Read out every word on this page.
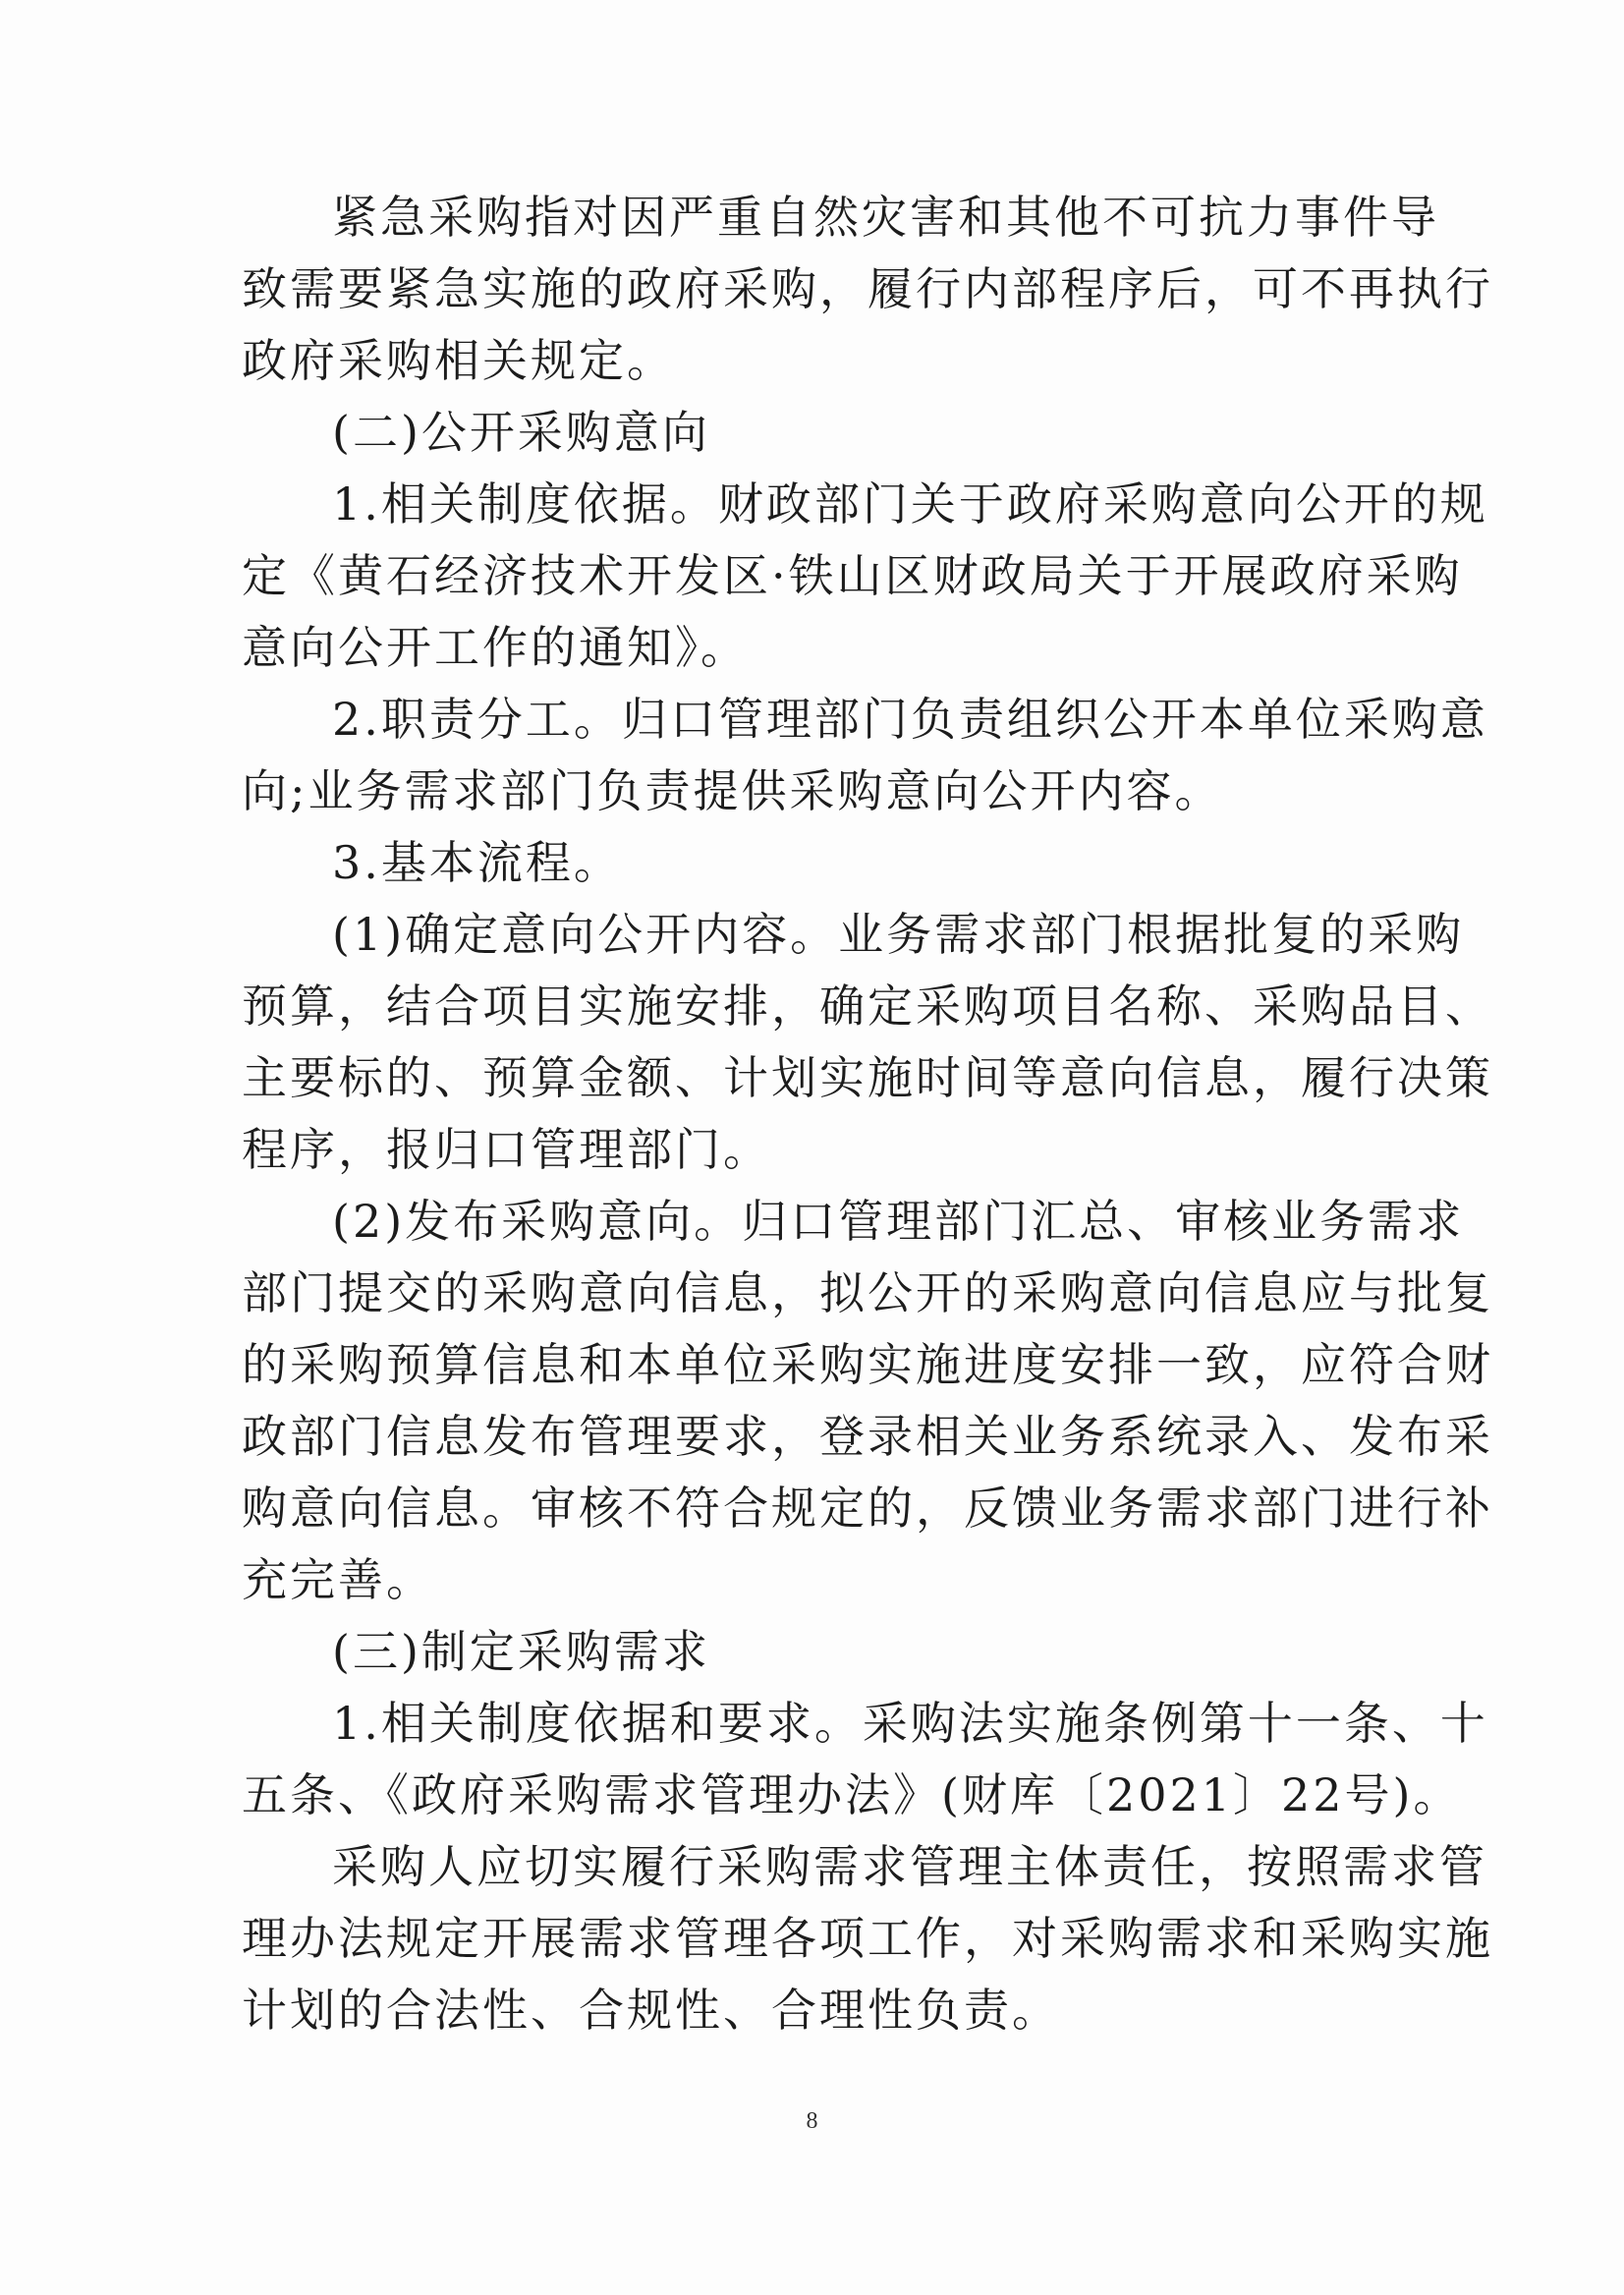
紧急采购指对因严重自然灾害和其他不可抗力事件导
致需要紧急实施的政府采购，履行内部程序后，可不再执行
政府采购相关规定。
(二)公开采购意向
1.相关制度依据。财政部门关于政府采购意向公开的规
定《黄石经济技术开发区·铁山区财政局关于开展政府采购
意向公开工作的通知》。
2.职责分工。归口管理部门负责组织公开本单位采购意
向;业务需求部门负责提供采购意向公开内容。
3.基本流程。
(1)确定意向公开内容。业务需求部门根据批复的采购
预算，结合项目实施安排，确定采购项目名称、采购品目、
主要标的、预算金额、计划实施时间等意向信息，履行决策
程序，报归口管理部门。
(2)发布采购意向。归口管理部门汇总、审核业务需求
部门提交的采购意向信息，拟公开的采购意向信息应与批复
的采购预算信息和本单位采购实施进度安排一致，应符合财
政部门信息发布管理要求，登录相关业务系统录入、发布采
购意向信息。审核不符合规定的，反馈业务需求部门进行补
充完善。
(三)制定采购需求
1.相关制度依据和要求。采购法实施条例第十一条、十
五条、《政府采购需求管理办法》(财库〔2021〕22号)。
采购人应切实履行采购需求管理主体责任，按照需求管
理办法规定开展需求管理各项工作，对采购需求和采购实施
计划的合法性、合规性、合理性负责。
8
